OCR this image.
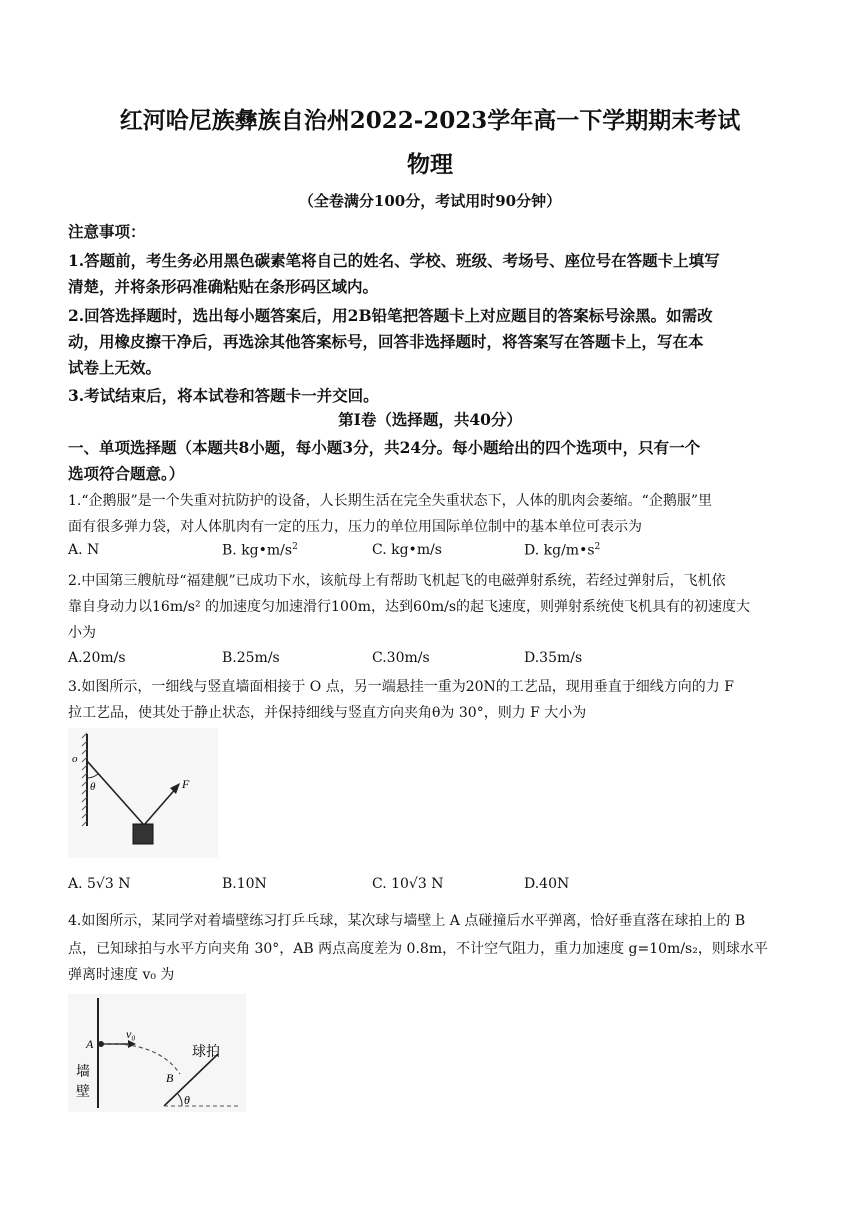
红河哈尼族彝族自治州2022-2023学年高一下学期期末考试
物理
（全卷满分100分，考试用时90分钟）
注意事项：
1.答题前，考生务必用黑色碳素笔将自己的姓名、学校、班级、考场号、座位号在答题卡上填写
清楚，并将条形码准确粘贴在条形码区域内。
2.回答选择题时，选出每小题答案后，用2B铅笔把答题卡上对应题目的答案标号涂黑。如需改
动，用橡皮擦干净后，再选涂其他答案标号，回答非选择题时，将答案写在答题卡上，写在本
试卷上无效。
3.考试结束后，将本试卷和答题卡一并交回。
第I卷（选择题，共40分）
一、单项选择题（本题共8小题，每小题3分，共24分。每小题给出的四个选项中，只有一个
选项符合题意。）
1.“企鹅服”是一个失重对抗防护的设备，人长期生活在完全失重状态下，人体的肌肉会萎缩。“企鹅服”里
面有很多弹力袋，对人体肌肉有一定的压力，压力的单位用国际单位制中的基本单位可表示为
A. N	B. $kg•m/s^2$	C. kg•m/s	D. $kg/m•s^2$
2.中国第三艘航母“福建舰”已成功下水，该航母上有帮助飞机起飞的电磁弹射系统，若经过弹射后，飞机依
靠自身动力以16m/s² 的加速度匀加速滑行100m，达到60m/s的起飞速度，则弹射系统使飞机具有的初速度大
小为
A.20m/s	B.25m/s	C.30m/s	D.35m/s
3.如图所示，一细线与竖直墙面相接于 O 点，另一端悬挂一重为20N的工艺品，现用垂直于细线方向的力 F
拉工艺品，使其处于静止状态，并保持细线与竖直方向夹角θ为 30°，则力 F 大小为
o
θ	F
A. 5√3 N	B.10N	C. 10√3 N	D.40N
4.如图所示，某同学对着墙壁练习打乒乓球，某次球与墙壁上 A 点碰撞后水平弹离，恰好垂直落在球拍上的 B
点，已知球拍与水平方向夹角 30°，AB 两点高度差为 0.8m，不计空气阻力，重力加速度 g=10m/s₂，则球水平
弹离时速度 v₀ 为
A
v₀
B
θ
墙
壁
球拍
